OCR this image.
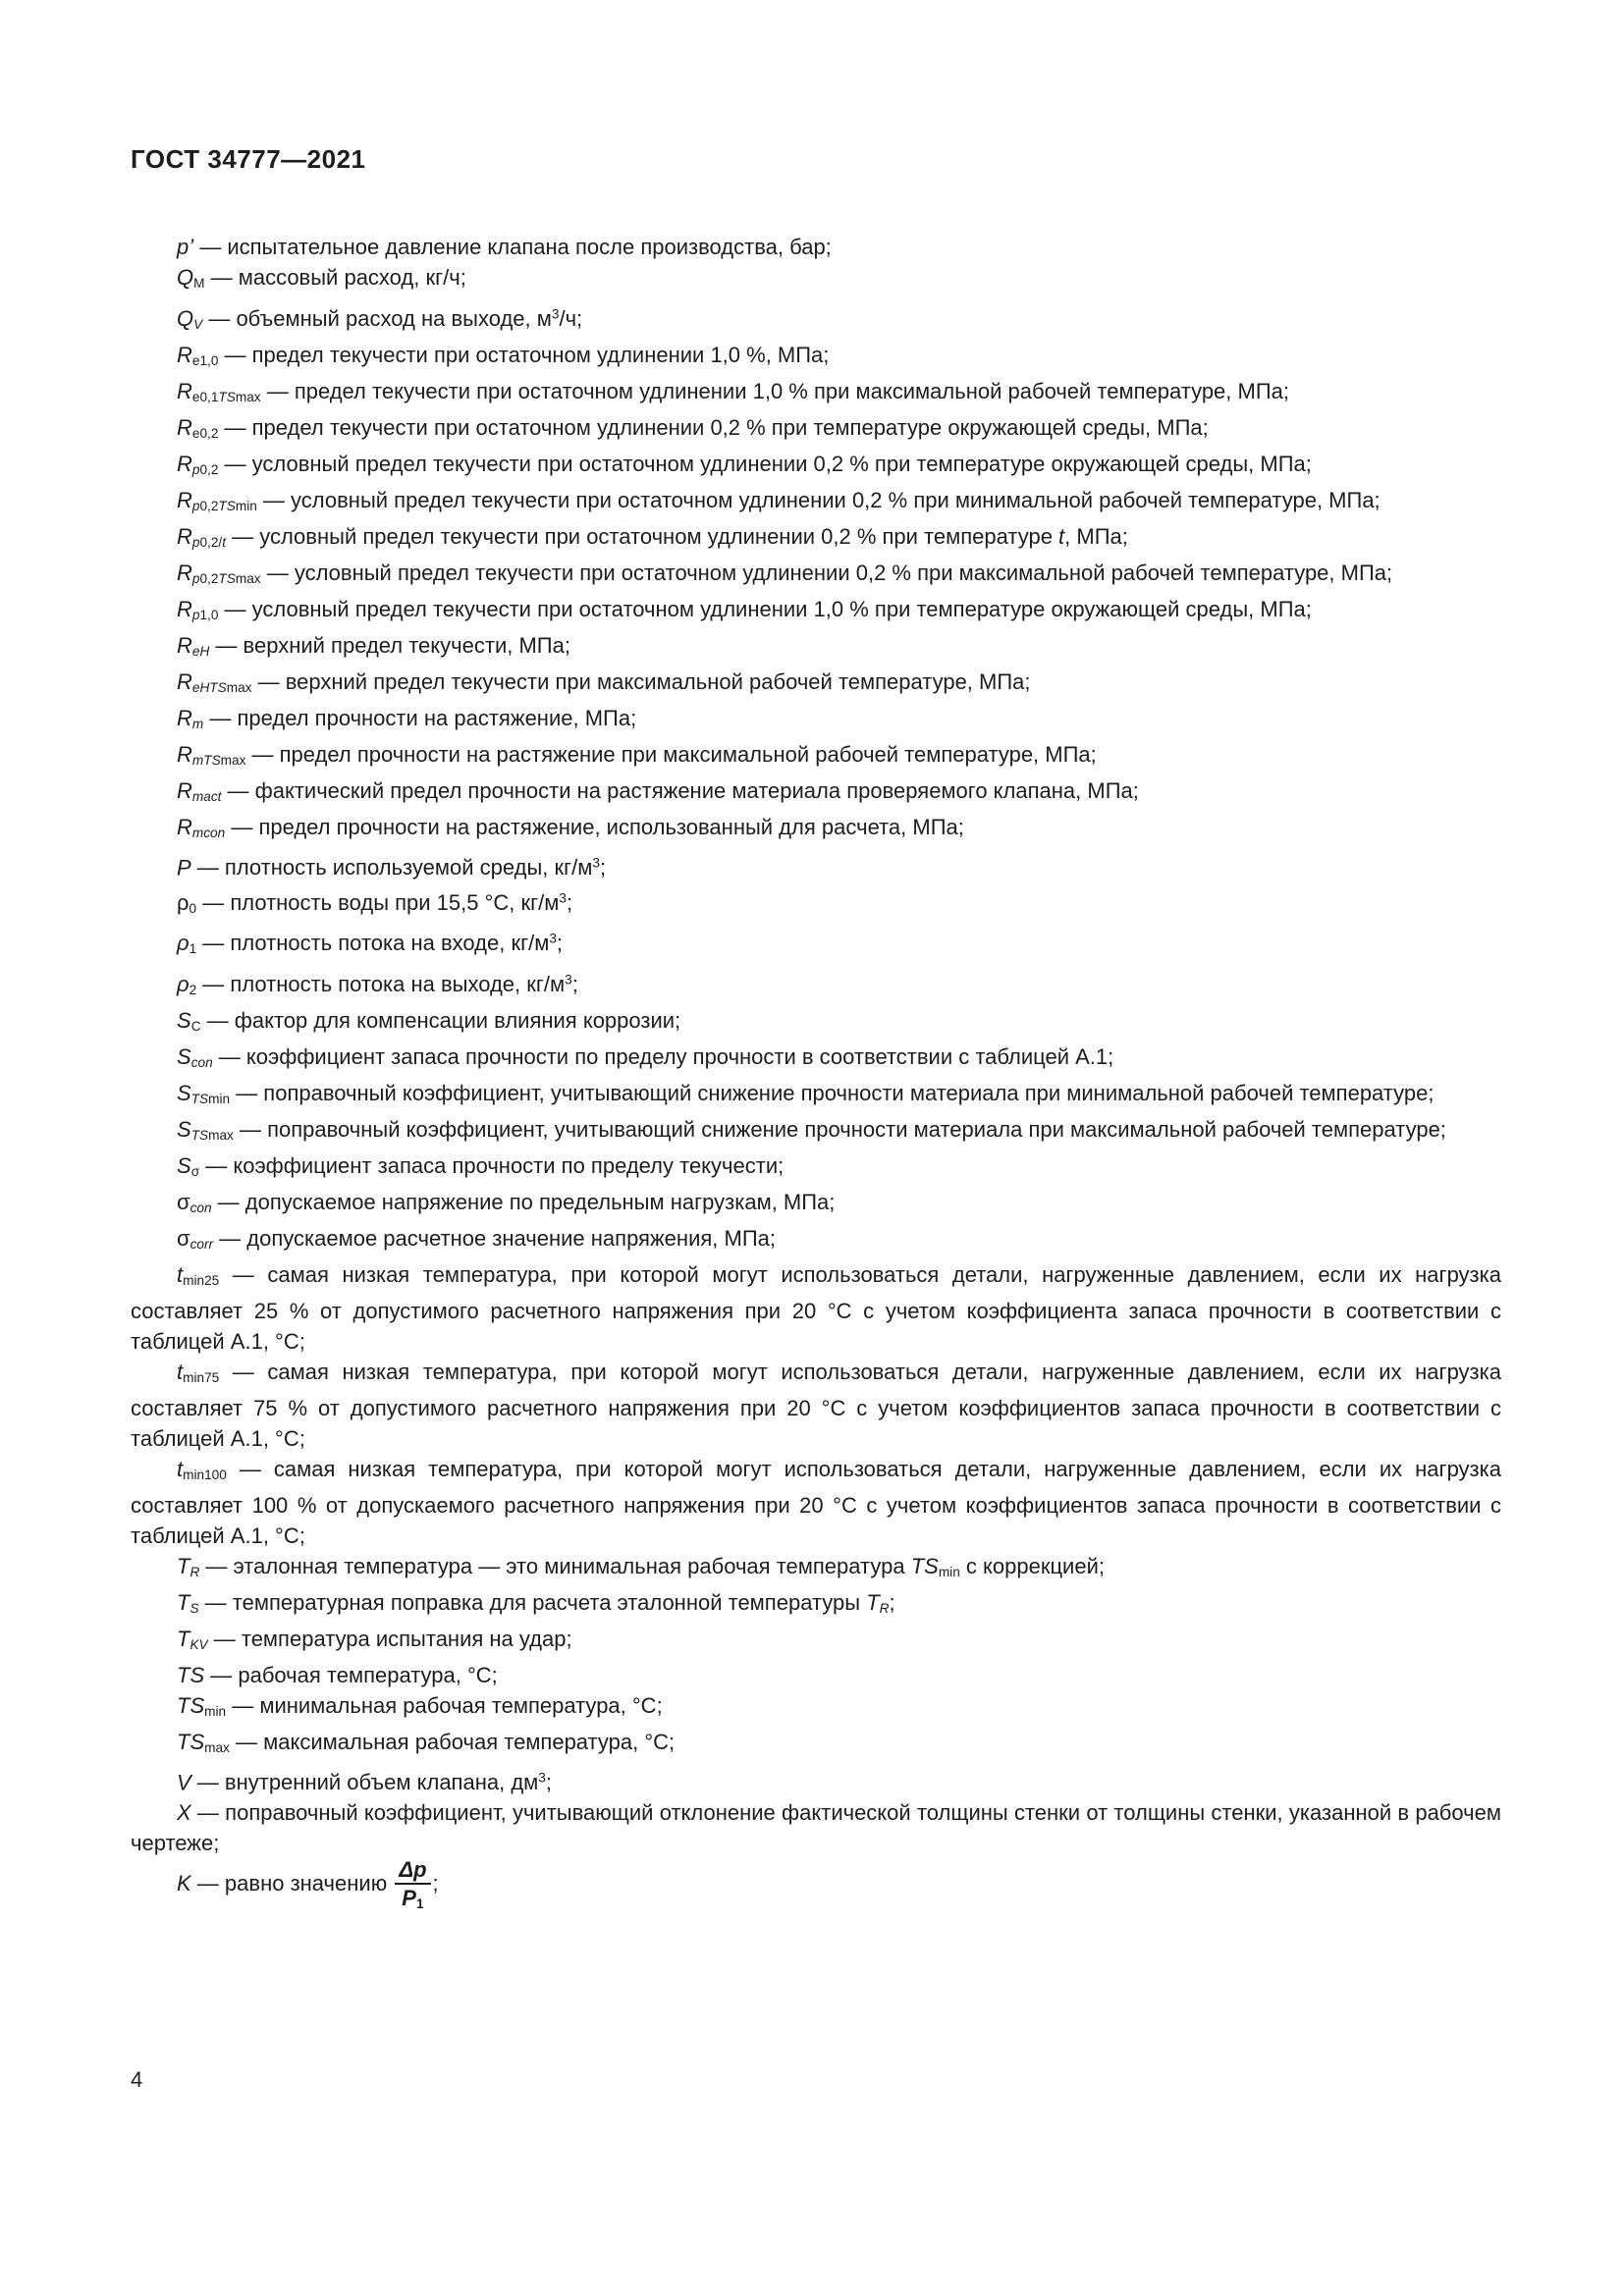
ГОСТ 34777—2021

p’ — испытательное давление клапана после производства, бар;

QМ — массовый расход, кг/ч;

QV — объемный расход на выходе, $м^3/ч$;

Re1,0 — предел текучести при остаточном удлинении 1,0 %, МПа;

Re0,1TSmax — предел текучести при остаточном удлинении 1,0 % при максимальной рабочей температуре, МПа;

Re0,2 — предел текучести при остаточном удлинении 0,2 % при температуре окружающей среды, МПа;

Rp0,2 — условный предел текучести при остаточном удлинении 0,2 % при температуре окружающей среды, МПа;

Rp0,2TSmin — условный предел текучести при остаточном удлинении 0,2 % при минимальной рабочей температуре, МПа;

Rp0,2/t — условный предел текучести при остаточном удлинении 0,2 % при температуре t, МПа;

Rp0,2TSmax — условный предел текучести при остаточном удлинении 0,2 % при максимальной рабочей температуре, МПа;

Rp1,0 — условный предел текучести при остаточном удлинении 1,0 % при температуре окружающей среды, МПа;

ReH — верхний предел текучести, МПа;

ReHTSmax — верхний предел текучести при максимальной рабочей температуре, МПа;

Rm — предел прочности на растяжение, МПа;

RmTSmax — предел прочности на растяжение при максимальной рабочей температуре, МПа;

Rmact — фактический предел прочности на растяжение материала проверяемого клапана, МПа;

Rmcon — предел прочности на растяжение, использованный для расчета, МПа;

P — плотность используемой среды, $кг/м^3$;

ρ0 — плотность воды при 15,5 °С, $кг/м^3$;

ρ1 — плотность потока на входе, $кг/м^3$;

ρ2 — плотность потока на выходе, $кг/м^3$;

SC — фактор для компенсации влияния коррозии;

Scon — коэффициент запаса прочности по пределу прочности в соответствии с таблицей А.1;

STSmin — поправочный коэффициент, учитывающий снижение прочности материала при минимальной рабочей температуре;

STSmax — поправочный коэффициент, учитывающий снижение прочности материала при максимальной рабочей температуре;

Sσ — коэффициент запаса прочности по пределу текучести;

σcon — допускаемое напряжение по предельным нагрузкам, МПа;

σcorr — допускаемое расчетное значение напряжения, МПа;

tmin25 — самая низкая температура, при которой могут использоваться детали, нагруженные давлением, если их нагрузка составляет 25 % от допустимого расчетного напряжения при 20 °С с учетом коэффициента запаса прочности в соответствии с таблицей А.1, °С;

tmin75 — самая низкая температура, при которой могут использоваться детали, нагруженные давлением, если их нагрузка составляет 75 % от допустимого расчетного напряжения при 20 °С с учетом коэффициентов запаса прочности в соответствии с таблицей А.1, °С;

tmin100 — самая низкая температура, при которой могут использоваться детали, нагруженные давлением, если их нагрузка составляет 100 % от допускаемого расчетного напряжения при 20 °С с учетом коэффициентов запаса прочности в соответствии с таблицей А.1, °С;

TR — эталонная температура — это минимальная рабочая температура TSmin с коррекцией;

TS — температурная поправка для расчета эталонной температуры TR;

TKV — температура испытания на удар;

TS — рабочая температура, °С;

TSmin — минимальная рабочая температура, °С;

TSmax — максимальная рабочая температура, °С;

V — внутренний объем клапана, $дм^3$;

X — поправочный коэффициент, учитывающий отклонение фактической толщины стенки от толщины стенки, указанной в рабочем чертеже;

K — равно значению $\frac{\Delta p}{P1}$ ;

4
